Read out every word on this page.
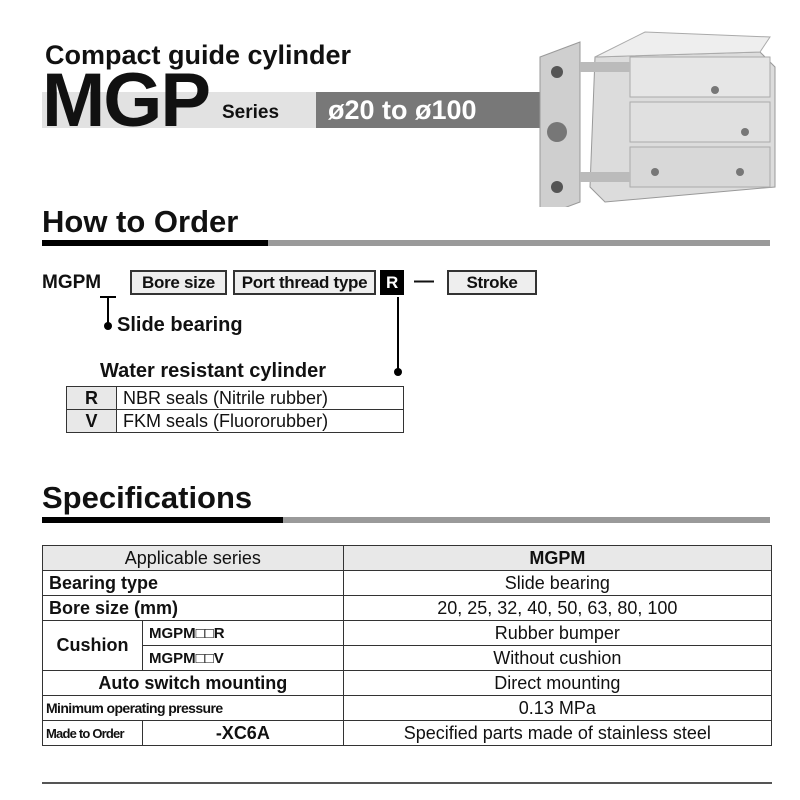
Compact guide cylinder
ø20 to ø100
MGP Series
How to Order
MGPM	Bore size	Port thread type	R —	Stroke
Slide bearing
Water resistant cylinder
R	NBR seals (Nitrile rubber)
V	FKM seals (Fluororubber)
Specifications
Applicable series		MGPM
Bearing type		Slide bearing
Bore size (mm)		20, 25, 32, 40, 50, 63, 80, 100
Cushion	MGPM□□R	Rubber bumper
	MGPM□□V	Without cushion
Auto switch mounting		Direct mounting
Minimum operating pressure		0.13 MPa
Made to Order	-XC6A	Specified parts made of stainless steel
